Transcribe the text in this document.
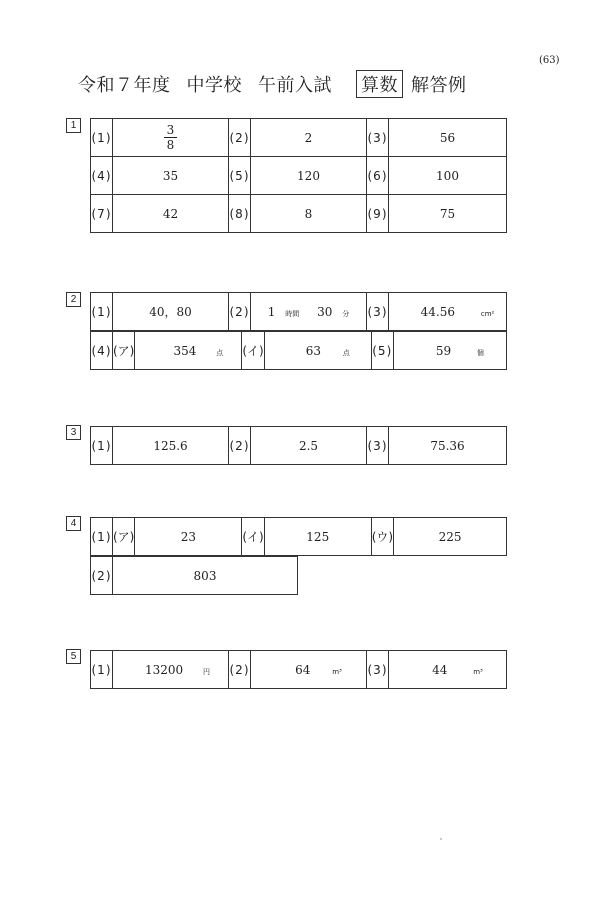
(63)
令和７年度 中学校 午前入試 算数 解答例
1
(1)	$\frac{3}{8}$	(2)	2	(3)	56
(4)	35	(5)	120	(6)	100
(7)	42	(8)	8	(9)	75
2
(1)	40，80	(2)	1 時間 30 分	(3)	44.56	cm²
(4)	(ア)	354	点	(イ)	63	点	(5)	59	個
3
(1)	125.6	(2)	2.5	(3)	75.36
4
(1)	(ア)	23	(イ)	125	(ウ)	225
(2)	803
5
(1)	13200	円	(2)	64	m³	(3)	44	m³
